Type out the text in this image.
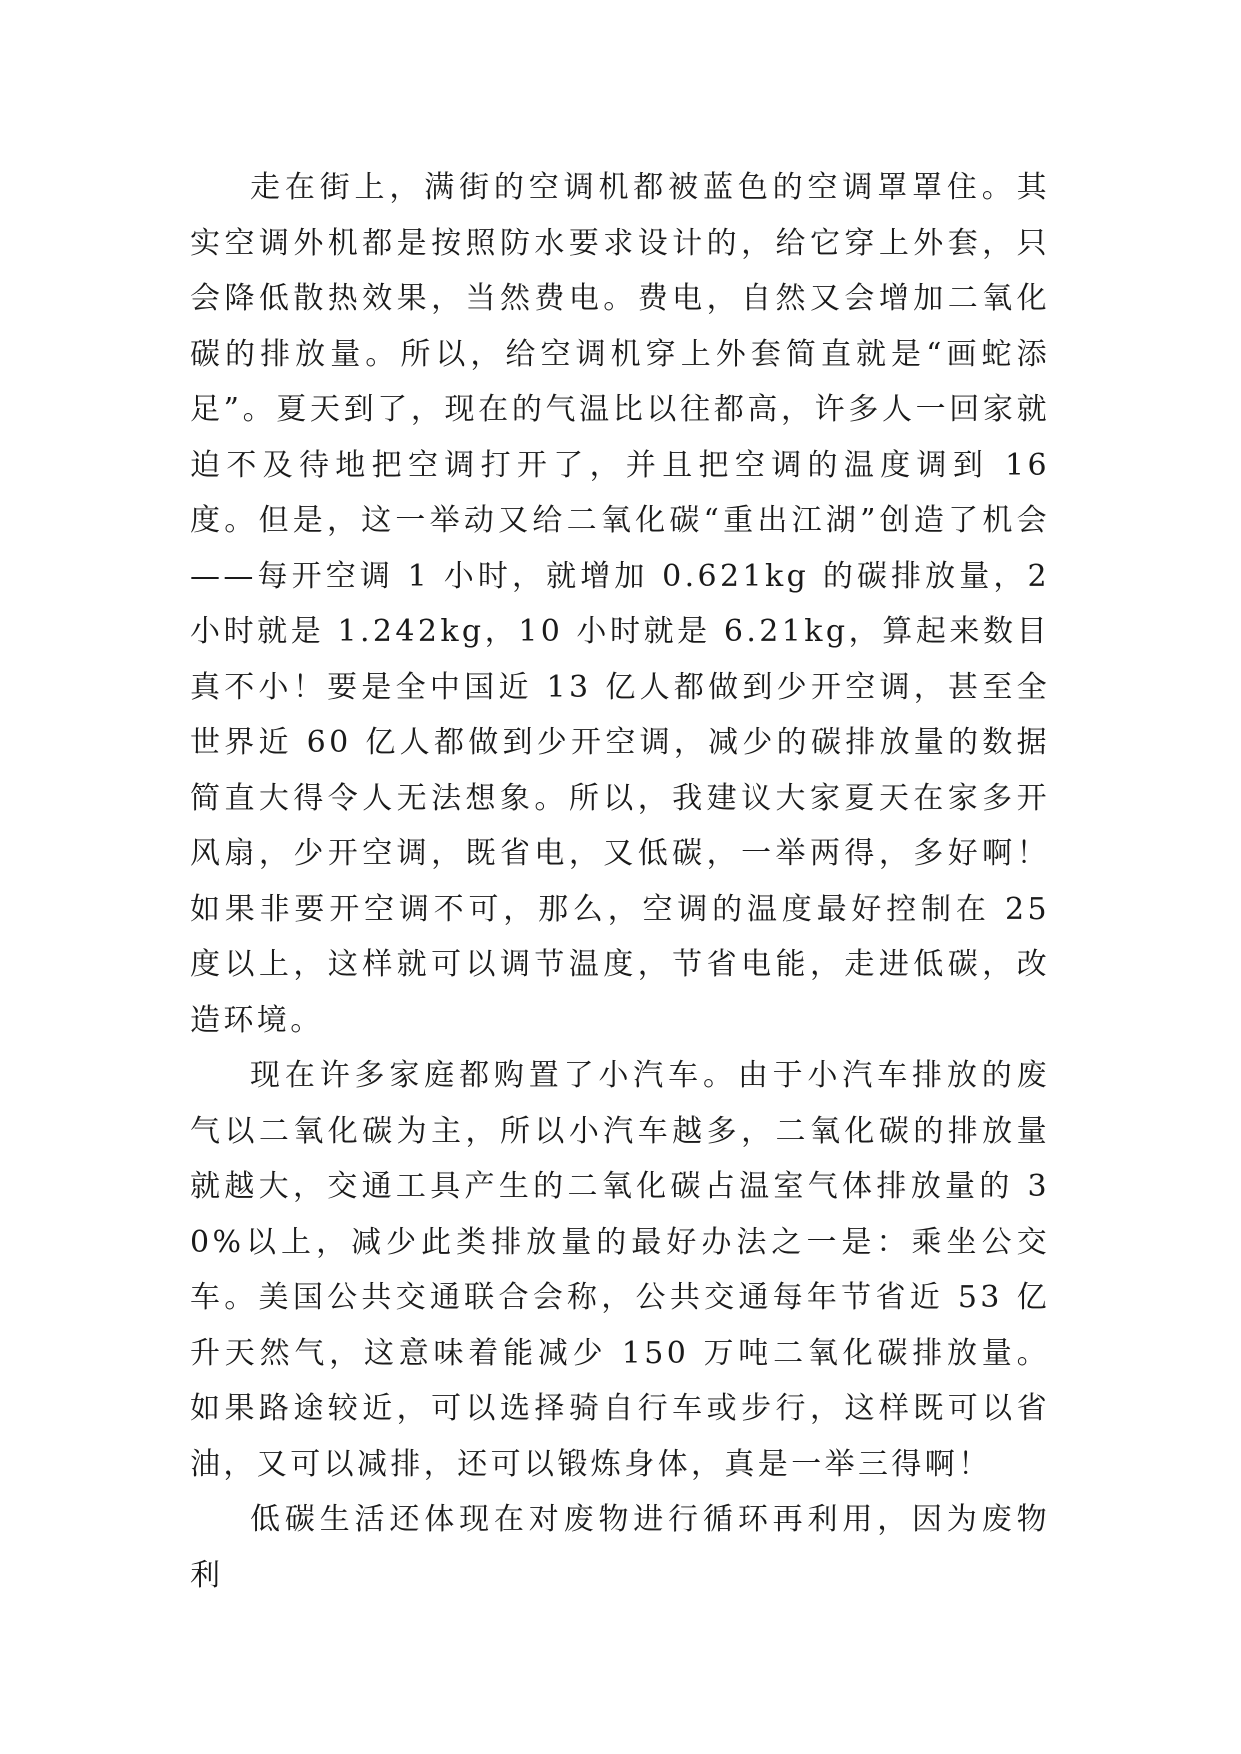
走在街上，满街的空调机都被蓝色的空调罩罩住。其实空调外机都是按照防水要求设计的，给它穿上外套，只会降低散热效果，当然费电。费电，自然又会增加二氧化碳的排放量。所以，给空调机穿上外套简直就是“画蛇添足”。夏天到了，现在的气温比以往都高，许多人一回家就迫不及待地把空调打开了，并且把空调的温度调到 16 度。但是，这一举动又给二氧化碳“重出江湖”创造了机会——每开空调 1 小时，就增加 0.621kg 的碳排放量，2 小时就是 1.242kg，10 小时就是 6.21kg，算起来数目真不小！要是全中国近 13 亿人都做到少开空调，甚至全世界近 60 亿人都做到少开空调，减少的碳排放量的数据简直大得令人无法想象。所以，我建议大家夏天在家多开风扇，少开空调，既省电，又低碳，一举两得，多好啊！如果非要开空调不可，那么，空调的温度最好控制在 25 度以上，这样就可以调节温度，节省电能，走进低碳，改造环境。

现在许多家庭都购置了小汽车。由于小汽车排放的废气以二氧化碳为主，所以小汽车越多，二氧化碳的排放量就越大，交通工具产生的二氧化碳占温室气体排放量的 30%以上，减少此类排放量的最好办法之一是：乘坐公交车。美国公共交通联合会称，公共交通每年节省近 53 亿升天然气，这意味着能减少 150 万吨二氧化碳排放量。如果路途较近，可以选择骑自行车或步行，这样既可以省油，又可以减排，还可以锻炼身体，真是一举三得啊！

低碳生活还体现在对废物进行循环再利用，因为废物利
